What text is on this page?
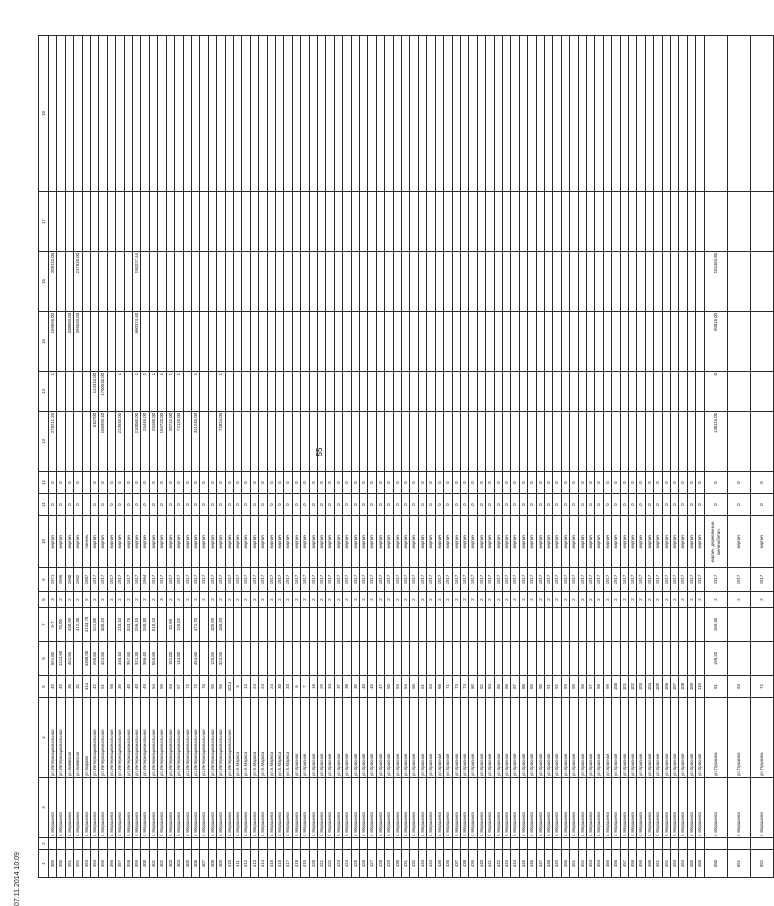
55
07.11.2014 10:09	1	2	3	4	5	6	7	8	9	10	11	12	13	14	15	16	17	18
389		г. Моршанск	ул.Интернациональная	45	591,80	5-7	3	1971	кирпич	0	0	278211,20	1	169096,00	209110,00		
390		г. Моршанск	ул.Интернациональная	45	1124,60	70,00	2	1956	кирпич	0	0						
391		г. Моршанск	ул.Киевская	35	461,60	430,90	2	1960	кирпич	0	0			338550,00			
392		г. Моршанск	ул.Киевская	32		412,30	2	1962	кирпич	0	0			395520,00	237820,00		
393		г. Моршанск	ул.Кирова	41а	4368,00	4133,70	9	1987	панель								
394		г. Моршанск	ул.Интернациональная	42	255,60	221,80	2	1917	кирпич	0	0	610700	123310,00				
395		г. Моршанск	ул.Интернациональная	51	324,60	300,20	2	1917	кирпич	0	0	105990,40	1700530,00				
396		г. Моршанск	ул.Интернациональная	58			2	1917	кирпич	0	0						
397		г. Моршанск	ул.Интернациональная	39	340,40	210,10	2	1917	кирпич	0	0	213540,00	1				
398		г. Моршанск	ул.Интернациональная	40	357,60	333,76	2	1917	кирпич	0	0						
399		г. Моршанск	ул.Интернациональная	40	321,30	296,10	2	1917	кирпич	0	0	210060,00	1	660374,40	190227,44		
400		г. Моршанск	ул.Интернациональная	49	386,40	290,30	2	1964	кирпич	0	0	25449,00	1				
401		г. Моршанск	ул.Интернациональная	54	553,60	510,10	2	1917	кирпич	0	0	25260,00	1				
402		г. Моршанск	ул.Интернациональная	55			3	1917	кирпич	0	0	163720,00	1				
403		г. Моршанск	ул.Интернациональная	63	151,00	10,98	2	1917	кирпич	0	0	20722,00	1				
404		г. Моршанск	ул.Интернациональная	67	144,80	120,02	2	1917	кирпич	0	0	72120,00	1				
405		г. Моршанск	ул.Интернациональная	72			2	1917	кирпич	0	0						
406		г. Моршанск	ул.Интернациональная	72	454,60	471,70	2	1917	кирпич	0	0	311240,00	1				
407		г. Моршанск	ул.Интернациональная	76			2	1917	кирпич	0	0						
408		г. Моршанск	ул.Интернациональная	95	125,85	105,90	2	1917	кирпич	0	0						
409		г. Моршанск	ул.Интернациональная	96	323,50	160,20	2	1917	кирпич	0	0	72834,00	1				
410		г. Моршанск	ул.Интернациональная	101а			2	1917	кирпич	0	0						
411		г. Моршанск	ул.К.Маркса	3			2	1917	кирпич	0	0						
412		г. Моршанск	ул.К.Маркса	13			2	1917	кирпич	0	0						
413		г. Моршанск	ул.К.Маркса	24			2	1917	кирпич	0	0						
414		г. Моршанск	ул.К.Маркса	24			2	1917	кирпич	0	0						
415		г. Моршанск	ул.К.Маркса	24			2	1917	кирпич	0	0						
416		г. Моршанск	ул.К.Маркса	30			2	1917	кирпич	0	0						
417		г. Моршанск	ул.К.Маркса	33			2	1917	кирпич	0	0						
418		г. Моршанск	ул.Красная	6			2	1917	кирпич	0	0						
419		г. Моршанск	ул.Красная	7			2	1917	кирпич	0	0						
420		г. Моршанск	ул.Красная	16			2	1917	кирпич	0	0						
421		г. Моршанск	ул.Красная	29			2	1917	кирпич	0	0						
422		г. Моршанск	ул.Красная	34			2	1917	кирпич	0	0						
423		г. Моршанск	ул.Красная	37			2	1917	кирпич	0	0						
424		г. Моршанск	ул.Красная	38			2	1917	кирпич	0	0						
425		г. Моршанск	ул.Красная	39			2	1917	кирпич	0	0						
426		г. Моршанск	ул.Красная	40			2	1917	кирпич	0	0						
427		г. Моршанск	ул.Красная	46			2	1917	кирпич	0	0						
428		г. Моршанск	ул.Красная	47			2	1917	кирпич	0	0						
429		г. Моршанск	ул.Красная	50			2	1917	кирпич	0	0						
430		г. Моршанск	ул.Красная	53			2	1917	кирпич	0	0						
431		г. Моршанск	ул.Красная	54			2	1917	кирпич	0	0						
432		г. Моршанск	ул.Красная	60			2	1917	кирпич	0	0						
433		г. Моршанск	ул.Красная	61			2	1917	кирпич	0	0						
434		г. Моршанск	ул.Красная	64			2	1917	кирпич	0	0						
435		г. Моршанск	ул.Красная	66			2	1917	кирпич	0	0						
436		г. Моршанск	ул.Красная	71			2	1917	кирпич	0	0						
437		г. Моршанск	ул.Красная	73			2	1917	кирпич	0	0						
438		г. Моршанск	ул.Красная	74			2	1917	кирпич	0	0						
439		г. Моршанск	ул.Красная	80			2	1917	кирпич	0	0						
440		г. Моршанск	ул.Красная	82			2	1917	кирпич	0	0						
441		г. Моршанск	ул.Красная	84			2	1917	кирпич	0	0						
442		г. Моршанск	ул.Красная	85			2	1917	кирпич	0	0						
443		г. Моршанск	ул.Красная	86			2	1917	кирпич	0	0						
444		г. Моршанск	ул.Красная	87			2	1917	кирпич	0	0						
445		г. Моршанск	ул.Красная	88			2	1917	кирпич	0	0						
446		г. Моршанск	ул.Красная	89			2	1917	кирпич	0	0						
447		г. Моршанск	ул.Красная	90			2	1917	кирпич	0	0						
448		г. Моршанск	ул.Красная	91			2	1917	кирпич	0	0						
449		г. Моршанск	ул.Красная	92			2	1917	кирпич	0	0						
450		г. Моршанск	ул.Красная	93			2	1917	кирпич	0	0						
451		г. Моршанск	ул.Красная	95			2	1917	кирпич	0	0						
452		г. Моршанск	ул.Красная	96			2	1917	кирпич	0	0						
453		г. Моршанск	ул.Красная	97			2	1917	кирпич	0	0						
454		г. Моршанск	ул.Красная	98			2	1917	кирпич	0	0						
455		г. Моршанск	ул.Красная	99			2	1917	кирпич	0	0						
456		г. Моршанск	ул.Красная	100			2	1917	кирпич	0	0						
457		г. Моршанск	ул.Красная	101			2	1917	кирпич	0	0						
458		г. Моршанск	ул.Красная	102			2	1917	кирпич	0	0						
459		г. Моршанск	ул.Красная	103			2	1917	кирпич	0	0						
460		г. Моршанск	ул.Красная	104			2	1917	кирпич	0	0						
461		г. Моршанск	ул.Красная	105			2	1917	кирпич	0	0						
462		г. Моршанск	ул.Красная	106			2	1917	кирпич	0	0						
463		г. Моршанск	ул.Красная	107			2	1917	кирпич	0	0						
464		г. Моршанск	ул.Красная	108			2	1917	кирпич	0	0						
465		г. Моршанск	ул.Красная	109			2	1917	кирпич	0	0						
466		г. Моршанск	ул.Красная	110			2	1917	кирпич	0	0						
650		г. Моршанск	ул.Пушкина	61	198,20	189,30	2	1917	кирпич, деревянные, железобетон.	0	0	138116,00	0	90816,00	102483,80		
651		г. Моршанск	ул.Пушкина	63			2	1917	кирпич	0	0						
652		г. Моршанск	ул.Пушкина	72			2	1917	кирпич	0	0						
